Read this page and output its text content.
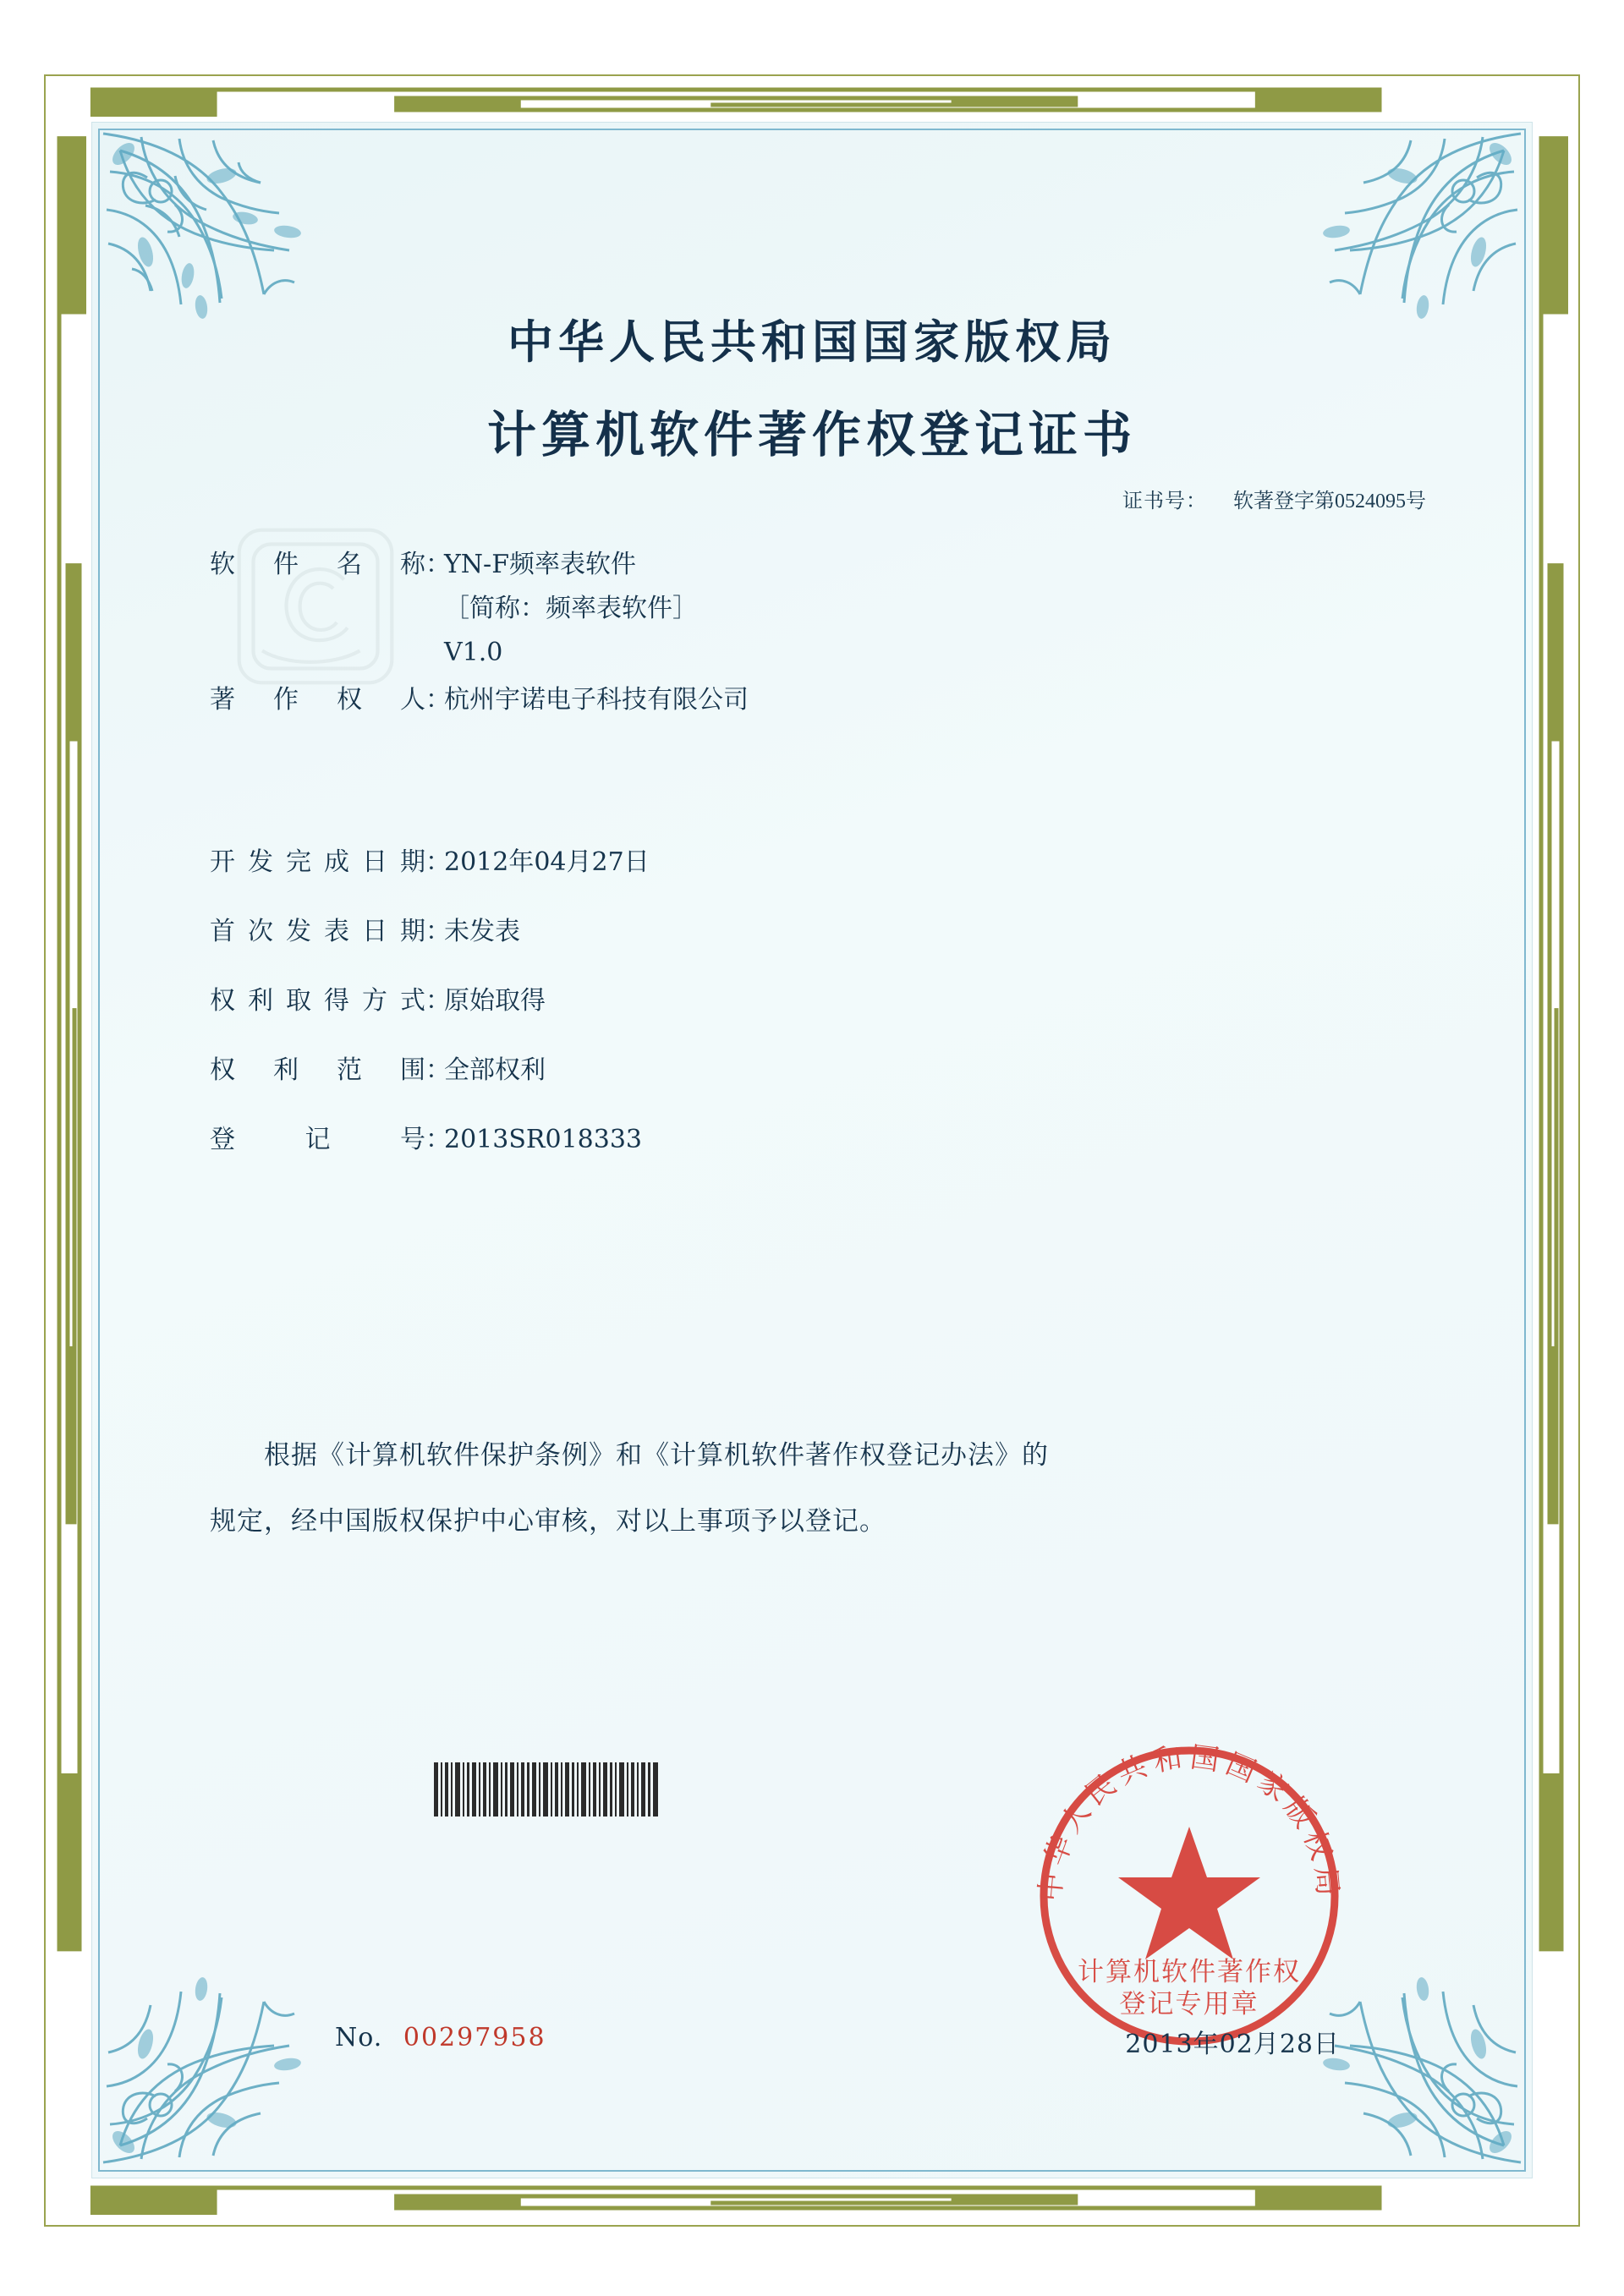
中华人民共和国国家版权局
计算机软件著作权登记证书
证书号： 软著登字第0524095号
软 件 名 称 ：
YN-F频率表软件
［简称：频率表软件］
V1.0
著 作 权 人 ：
杭州宇诺电子科技有限公司
开发完成日期 ：
2012年04月27日
首次发表日期 ：
未发表
权利取得方式 ：
原始取得
权 利 范 围 ：
全部权利
登 记 号 ：
2013SR018333
根据《计算机软件保护条例》和《计算机软件著作权登记办法》的
规定，经中国版权保护中心审核，对以上事项予以登记。
中华人民共和国国家版权局
计算机软件著作权
登记专用章
No. 00297958	2013年02月28日
